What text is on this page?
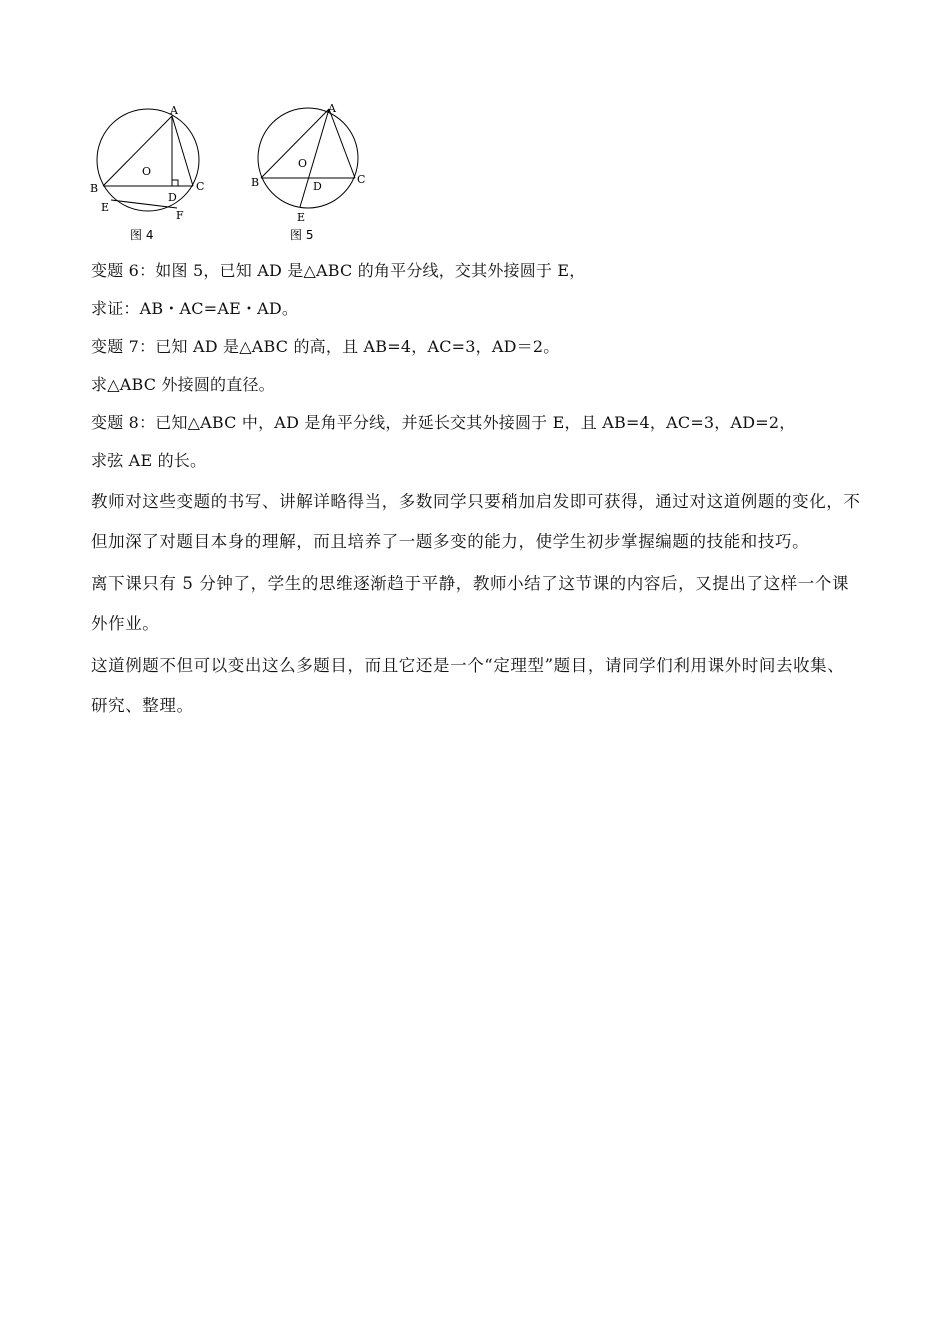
A
B	C
D
E
F
O
图 4
A
B	C
D
E
O
图 5
变题 6：如图 5，已知 AD 是△ABC 的角平分线，交其外接圆于 E，
求证：AB・AC=AE・AD。
变题 7：已知 AD 是△ABC 的高，且 AB=4，AC=3，AD＝2。
求△ABC 外接圆的直径。
变题 8：已知△ABC 中，AD 是角平分线，并延长交其外接圆于 E，且 AB=4，AC=3，AD=2，
求弦 AE 的长。
教师对这些变题的书写、讲解详略得当，多数同学只要稍加启发即可获得，通过对这道例题的变化，不但加深了对题目本身的理解，而且培养了一题多变的能力，使学生初步掌握编题的技能和技巧。
离下课只有 5 分钟了，学生的思维逐渐趋于平静，教师小结了这节课的内容后，又提出了这样一个课外作业。
这道例题不但可以变出这么多题目，而且它还是一个“定理型”题目，请同学们利用课外时间去收集、研究、整理。
